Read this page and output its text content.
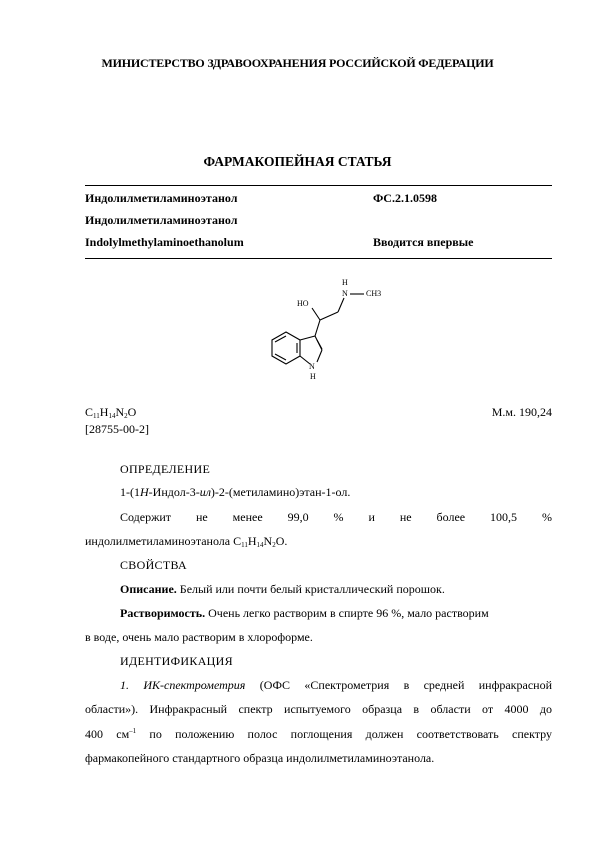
МИНИСТЕРСТВО ЗДРАВООХРАНЕНИЯ РОССИЙСКОЙ ФЕДЕРАЦИИ
ФАРМАКОПЕЙНАЯ СТАТЬЯ
Индолилметиламиноэтанол	ФС.2.1.0598
Индолилметиламиноэтанол
Indolylmethylaminoethanolum	Вводится впервые
HO
N
H
CH3
N
H
$C_{11}H_{14}N_2O$	М.м. 190,24
[28755-00-2]
ОПРЕДЕЛЕНИЕ
1-(1H-Индол-3-ил)-2-(метиламино)этан-1-ол.
Содержит не менее 99,0 % и не более 100,5 %
индолилметиламиноэтанола $C_{11}H_{14}N_2O$.
СВОЙСТВА
Описание. Белый или почти белый кристаллический порошок.
Растворимость. Очень легко растворим в спирте 96 %, мало растворим
в воде, очень мало растворим в хлороформе.
ИДЕНТИФИКАЦИЯ
1. ИК-спектрометрия (ОФС «Спектрометрия в средней инфракрасной
области»). Инфракрасный спектр испытуемого образца в области от 4000 до
400 $см^{-1}$ по положению полос поглощения должен соответствовать спектру
фармакопейного стандартного образца индолилметиламиноэтанола.
